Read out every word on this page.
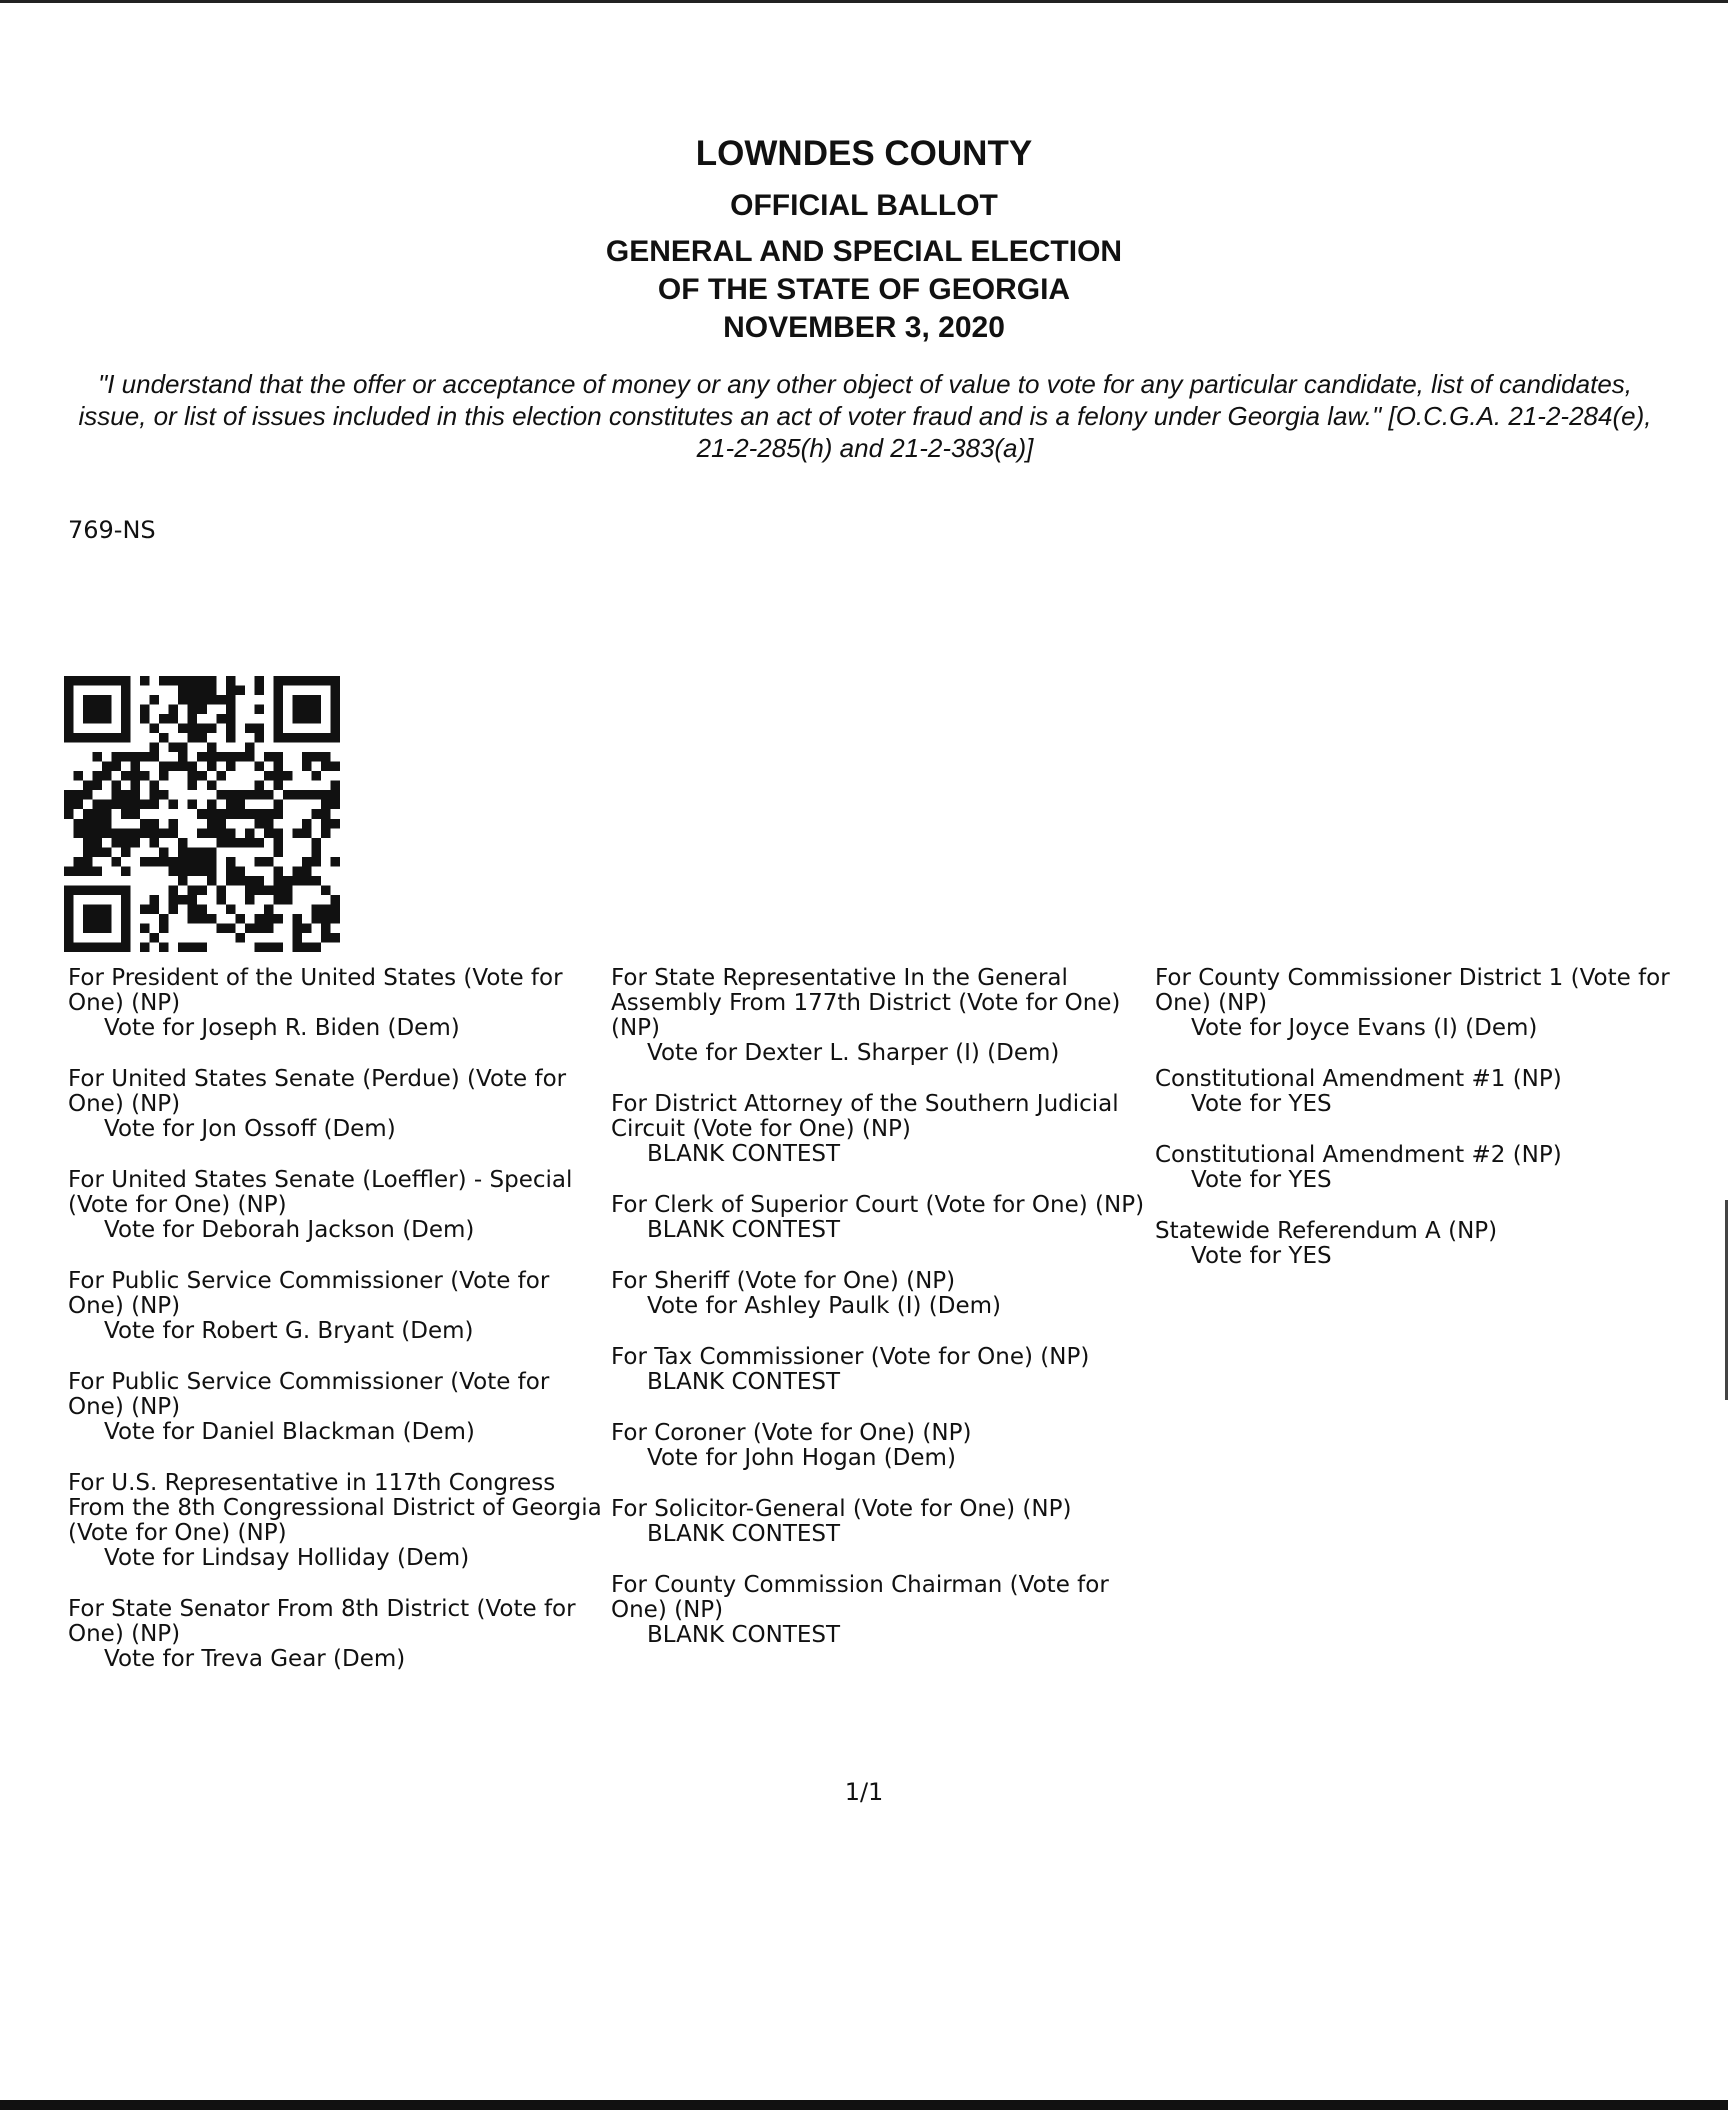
LOWNDES COUNTY
OFFICIAL BALLOT
GENERAL AND SPECIAL ELECTION
OF THE STATE OF GEORGIA
NOVEMBER 3, 2020
"I understand that the offer or acceptance of money or any other object of value to vote for any particular candidate, list of candidates, issue, or list of issues included in this election constitutes an act of voter fraud and is a felony under Georgia law." [O.C.G.A. 21-2-284(e), 21-2-285(h) and 21-2-383(a)]
769-NS
For President of the United States (Vote for One) (NP)
Vote for Joseph R. Biden (Dem)
For United States Senate (Perdue) (Vote for One) (NP)
Vote for Jon Ossoff (Dem)
For United States Senate (Loeffler) - Special (Vote for One) (NP)
Vote for Deborah Jackson (Dem)
For Public Service Commissioner (Vote for One) (NP)
Vote for Robert G. Bryant (Dem)
For Public Service Commissioner (Vote for One) (NP)
Vote for Daniel Blackman (Dem)
For U.S. Representative in 117th Congress From the 8th Congressional District of Georgia (Vote for One) (NP)
Vote for Lindsay Holliday (Dem)
For State Senator From 8th District (Vote for One) (NP)
Vote for Treva Gear (Dem)
For State Representative In the General Assembly From 177th District (Vote for One) (NP)
Vote for Dexter L. Sharper (I) (Dem)
For District Attorney of the Southern Judicial Circuit (Vote for One) (NP)
BLANK CONTEST
For Clerk of Superior Court (Vote for One) (NP)
BLANK CONTEST
For Sheriff (Vote for One) (NP)
Vote for Ashley Paulk (I) (Dem)
For Tax Commissioner (Vote for One) (NP)
BLANK CONTEST
For Coroner (Vote for One) (NP)
Vote for John Hogan (Dem)
For Solicitor-General (Vote for One) (NP)
BLANK CONTEST
For County Commission Chairman (Vote for One) (NP)
BLANK CONTEST
For County Commissioner District 1 (Vote for One) (NP)
Vote for Joyce Evans (I) (Dem)
Constitutional Amendment #1 (NP)
Vote for YES
Constitutional Amendment #2 (NP)
Vote for YES
Statewide Referendum A (NP)
Vote for YES
1/1
